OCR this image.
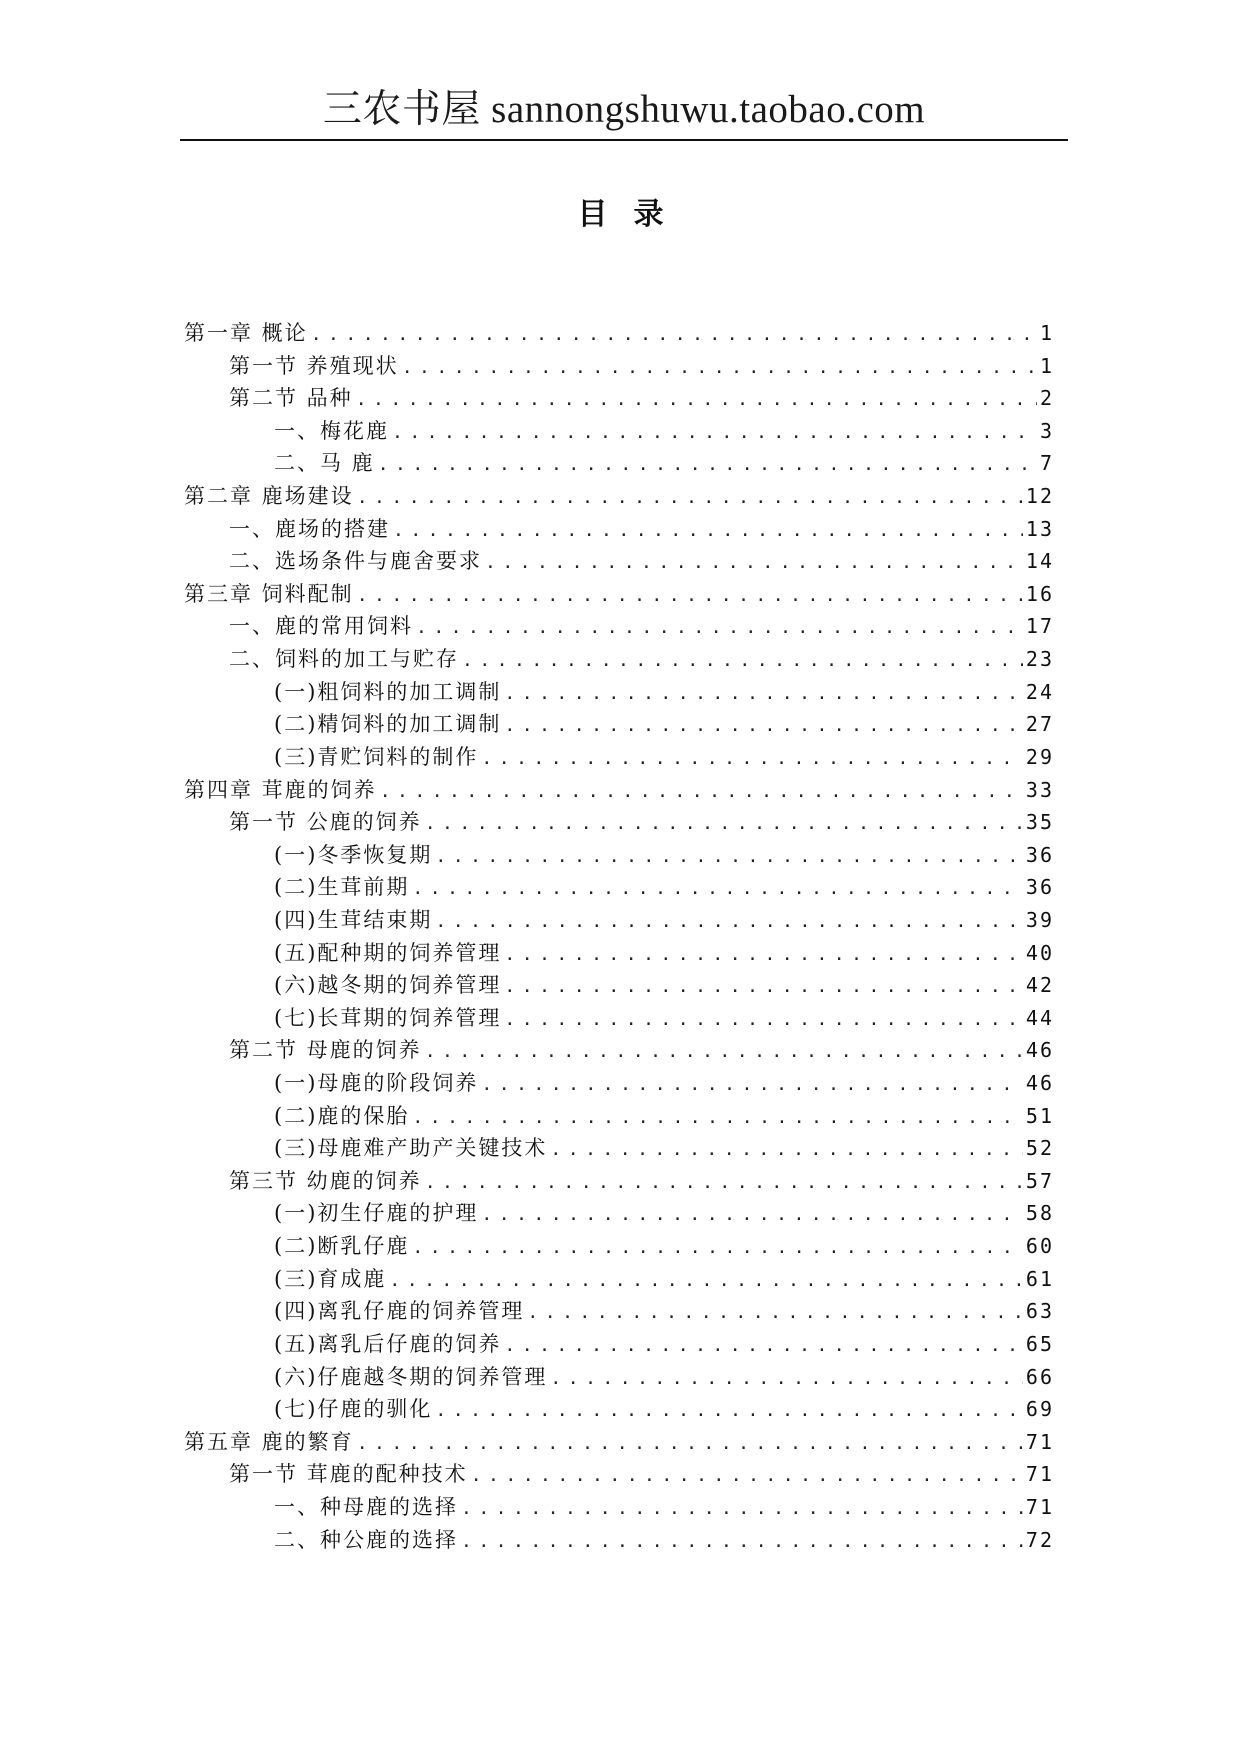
三农书屋 sannongshuwu.taobao.com
目录
第一章 概论 .....	1
第一节 养殖现状 .....	1
第二节 品种 .....	2
一、梅花鹿 .....	3
二、马 鹿 .....	7
第二章 鹿场建设 .....	12
一、鹿场的搭建 .....	13
二、选场条件与鹿舍要求 .....	14
第三章 饲料配制 .....	16
一、鹿的常用饲料 .....	17
二、饲料的加工与贮存 .....	23
(一)粗饲料的加工调制 .....	24
(二)精饲料的加工调制 .....	27
(三)青贮饲料的制作 .....	29
第四章 茸鹿的饲养 .....	33
第一节 公鹿的饲养 .....	35
(一)冬季恢复期 .....	36
(二)生茸前期 .....	36
(四)生茸结束期 .....	39
(五)配种期的饲养管理 .....	40
(六)越冬期的饲养管理 .....	42
(七)长茸期的饲养管理 .....	44
第二节 母鹿的饲养 .....	46
(一)母鹿的阶段饲养 .....	46
(二)鹿的保胎 .....	51
(三)母鹿难产助产关键技术 .....	52
第三节 幼鹿的饲养 .....	57
(一)初生仔鹿的护理 .....	58
(二)断乳仔鹿 .....	60
(三)育成鹿 .....	61
(四)离乳仔鹿的饲养管理 .....	63
(五)离乳后仔鹿的饲养 .....	65
(六)仔鹿越冬期的饲养管理 .....	66
(七)仔鹿的驯化 .....	69
第五章 鹿的繁育 .....	71
第一节 茸鹿的配种技术 .....	71
一、种母鹿的选择 .....	71
二、种公鹿的选择 .....	72
